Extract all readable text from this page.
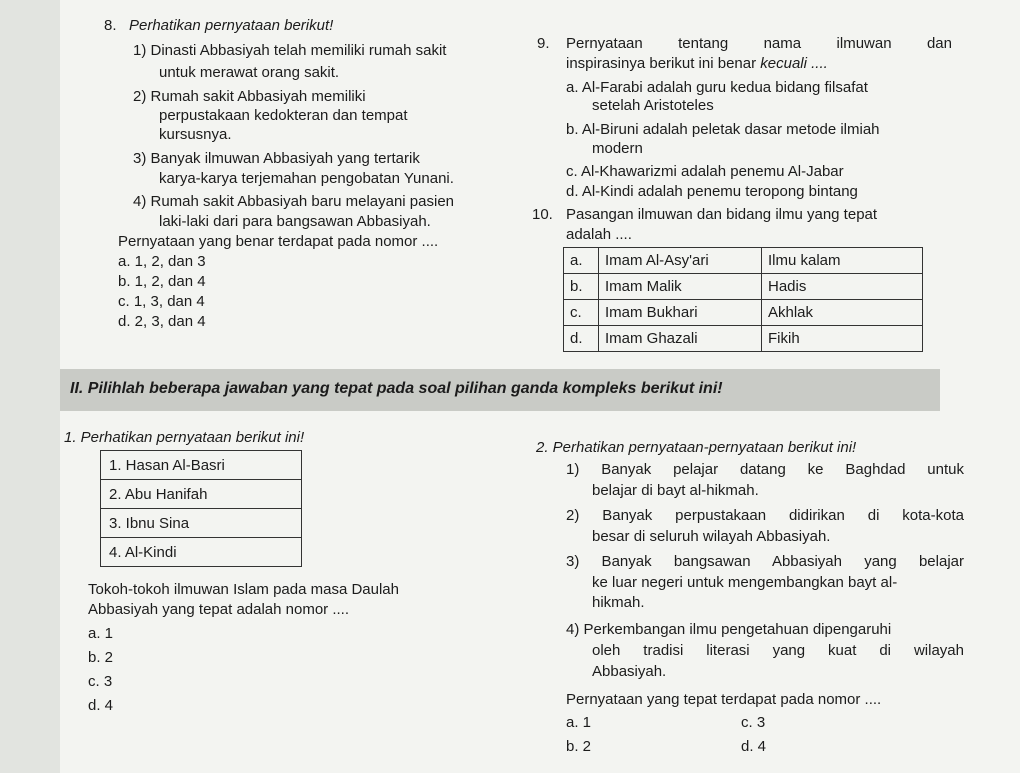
8. Perhatikan pernyataan berikut!
1) Dinasti Abbasiyah telah memiliki rumah sakit
untuk merawat orang sakit.
2) Rumah sakit Abbasiyah memiliki
perpustakaan kedokteran dan tempat
kursusnya.
3) Banyak ilmuwan Abbasiyah yang tertarik
karya-karya terjemahan pengobatan Yunani.
4) Rumah sakit Abbasiyah baru melayani pasien
laki-laki dari para bangsawan Abbasiyah.
Pernyataan yang benar terdapat pada nomor ....
a. 1, 2, dan 3
b. 1, 2, dan 4
c. 1, 3, dan 4
d. 2, 3, dan 4
9. Pernyataan tentang nama ilmuwan dan
inspirasinya berikut ini benar kecuali ....
a. Al-Farabi adalah guru kedua bidang filsafat
setelah Aristoteles
b. Al-Biruni adalah peletak dasar metode ilmiah
modern
c. Al-Khawarizmi adalah penemu Al-Jabar
d. Al-Kindi adalah penemu teropong bintang
10. Pasangan ilmuwan dan bidang ilmu yang tepat
adalah ....
a.	Imam Al-Asy'ari	Ilmu kalam
b.	Imam Malik	Hadis
c.	Imam Bukhari	Akhlak
d.	Imam Ghazali	Fikih
II. Pilihlah beberapa jawaban yang tepat pada soal pilihan ganda kompleks berikut ini!
1. Perhatikan pernyataan berikut ini!
1. Hasan Al-Basri
2. Abu Hanifah
3. Ibnu Sina
4. Al-Kindi
Tokoh-tokoh ilmuwan Islam pada masa Daulah
Abbasiyah yang tepat adalah nomor ....
a. 1
b. 2
c. 3
d. 4
2. Perhatikan pernyataan-pernyataan berikut ini!
1) Banyak pelajar datang ke Baghdad untuk
belajar di bayt al-hikmah.
2) Banyak perpustakaan didirikan di kota-kota
besar di seluruh wilayah Abbasiyah.
3) Banyak bangsawan Abbasiyah yang belajar
ke luar negeri untuk mengembangkan bayt al-
hikmah.
4) Perkembangan ilmu pengetahuan dipengaruhi
oleh tradisi literasi yang kuat di wilayah
Abbasiyah.
Pernyataan yang tepat terdapat pada nomor ....
a. 1
b. 2
c. 3
d. 4
